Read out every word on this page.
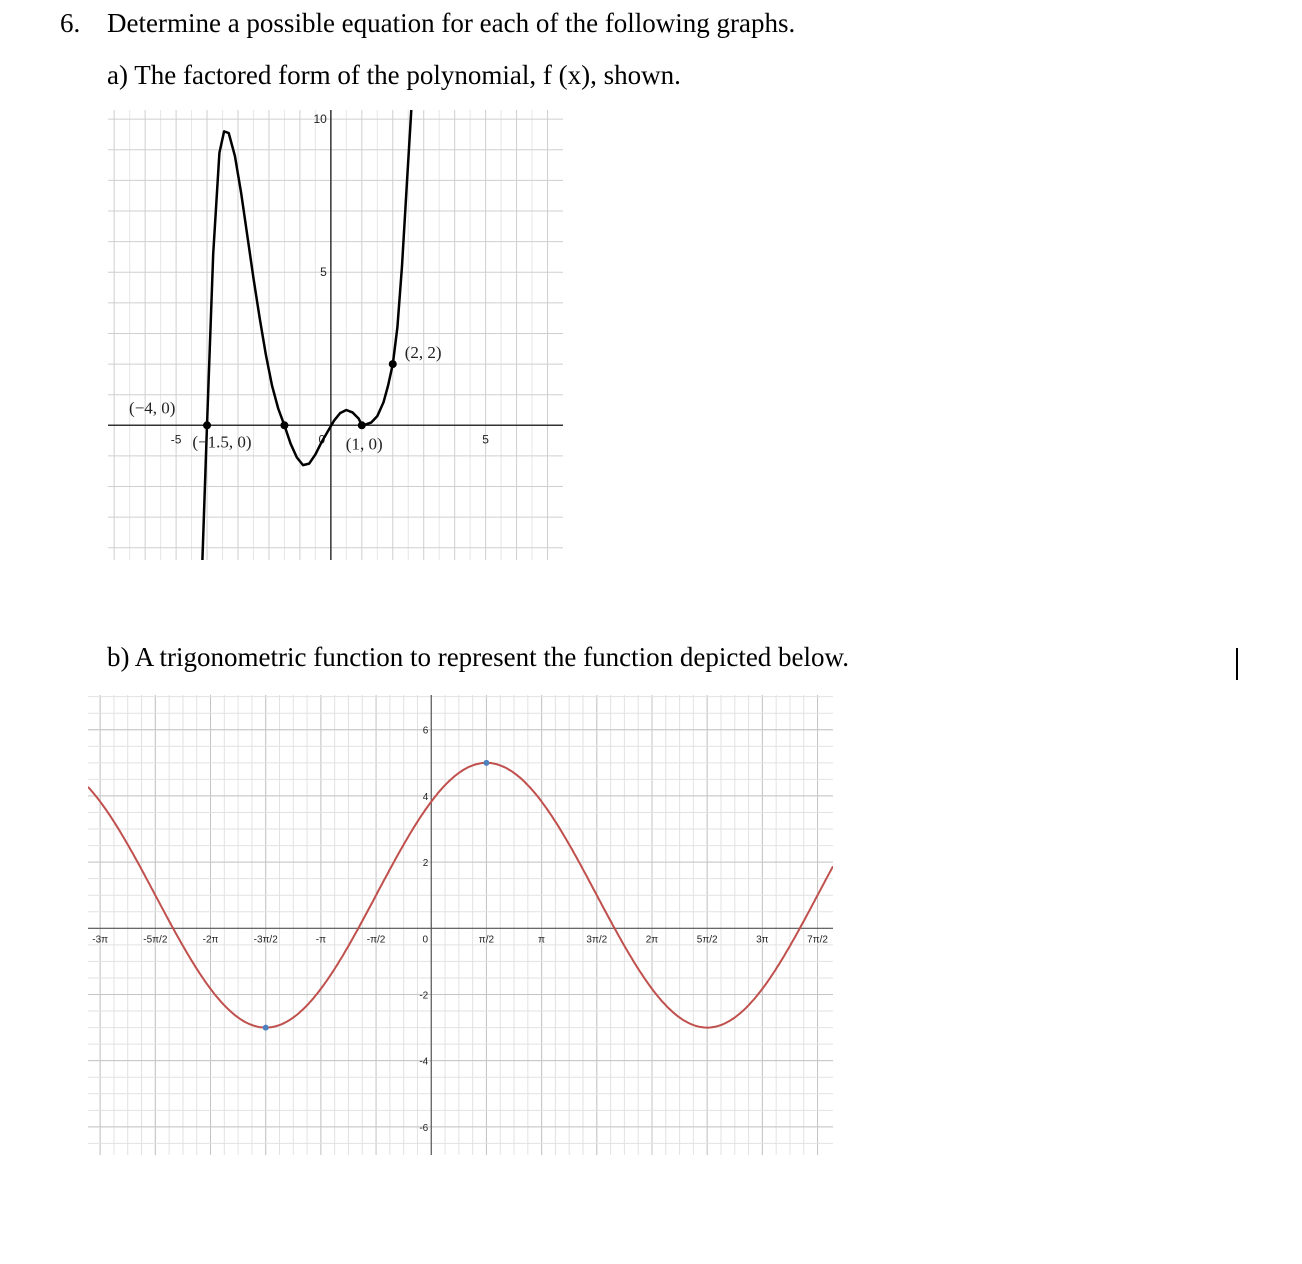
6. Determine a possible equation for each of the following graphs.
a) The factored form of the polynomial, f (x), shown.
-5	0	5
5
10
(−4, 0)
(−1.5, 0)	(1, 0)
(2, 2)
b) A trigonometric function to represent the function depicted below.
-3π	-5π/2	-2π	-3π/2	-π	-π/2	0	π/2	π	3π/2	2π	5π/2	3π	7π/2
6
4
2
-2
-4
-6
